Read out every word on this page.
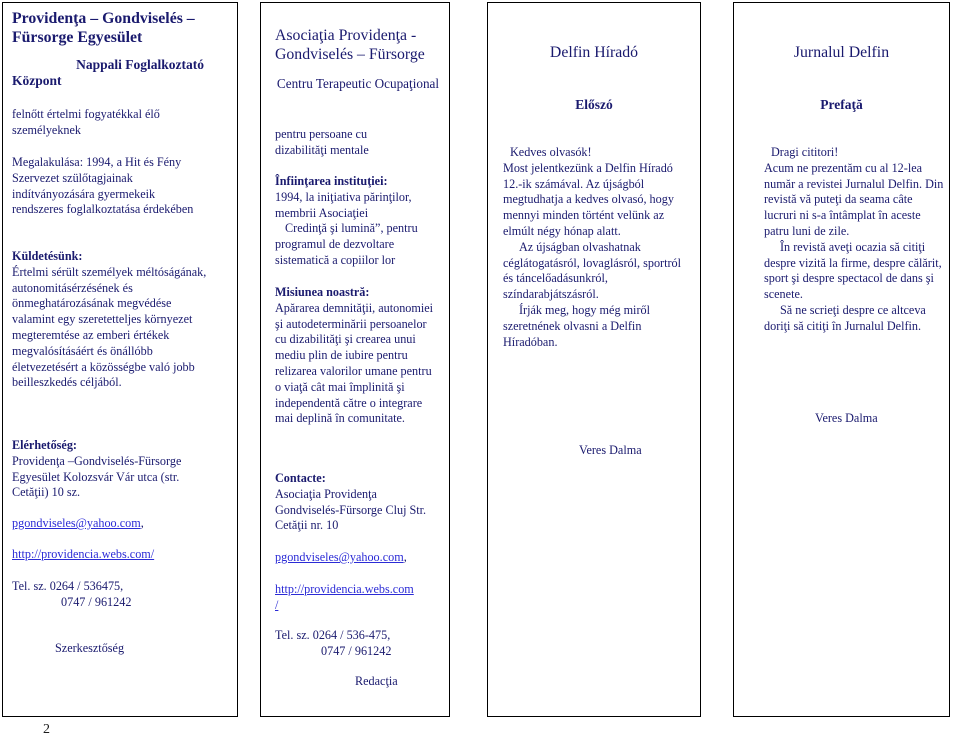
Providenţa – Gondviselés –
Fürsorge Egyesület
Nappali Foglalkoztató
Központ
felnőtt értelmi fogyatékkal élő személyeknek
Megalakulása: 1994, a Hit és Fény Szervezet szülőtagjainak indítványozására gyermekeik rendszeres foglalkoztatása érdekében
Küldetésünk:
Értelmi sérült személyek méltóságának, autonomitásérzésének és önmeghatározásának megvédése valamint egy szeretetteljes környezet megteremtése az emberi értékek megvalósításáért és önállóbb életvezetésért a közösségbe való jobb beilleszkedés céljából.
Elérhetőség:
Providenţa –Gondviselés-Fürsorge Egyesület Kolozsvár Vár utca (str. Cetăţii) 10 sz.
pgondviseles@yahoo.com,
http://providencia.webs.com/
Tel. sz. 0264 / 536475,
0747 / 961242
Szerkesztőség
Asociaţia Providenţa - Gondviselés – Fürsorge
Centru Terapeutic Ocupaţional
pentru persoane cu dizabilităţi mentale
Înfiinţarea instituţiei:
1994, la iniţiativa părinţilor, membrii Asociaţiei
Credinţă şi lumină”, pentru programul de dezvoltare sistematică a copiilor lor
Misiunea noastră:
Apărarea demnităţii, autonomiei şi autodeterminării persoanelor cu dizabilităţi şi crearea unui mediu plin de iubire pentru relizarea valorilor umane pentru o viaţă cât mai împlinită şi independentă către o integrare mai deplină în comunitate.
Contacte:
Asociaţia Providenţa Gondviselés-Fürsorge Cluj Str. Cetăţii nr. 10
pgondviseles@yahoo.com,
http://providencia.webs.com
/
Tel. sz. 0264 / 536-475,
0747 / 961242
Redacţia
Delfin Híradó
Előszó
Kedves olvasók!
Most jelentkezünk a Delfin Híradó 12.-ik számával. Az újságból megtudhatja a kedves olvasó, hogy mennyi minden történt velünk az elmúlt négy hónap alatt.
Az újságban olvashatnak céglátogatásról, lovaglásról, sportról és táncelőadásunkról, színdarabjátszásról.
Írják meg, hogy még miről szeretnének olvasni a Delfin Híradóban.
Veres Dalma
Jurnalul Delfin
Prefaţă
Dragi cititori!
Acum ne prezentăm cu al 12-lea număr a revistei Jurnalul Delfin. Din revistă vă puteţi da seama câte lucruri ni s-a întâmplat în aceste patru luni de zile.
În revistă aveţi ocazia să citiţi despre vizită la firme, despre călărit, sport şi despre spectacol de dans şi scenete.
Să ne scrieţi despre ce altceva doriţi să citiţi în Jurnalul Delfin.
Veres Dalma
2
